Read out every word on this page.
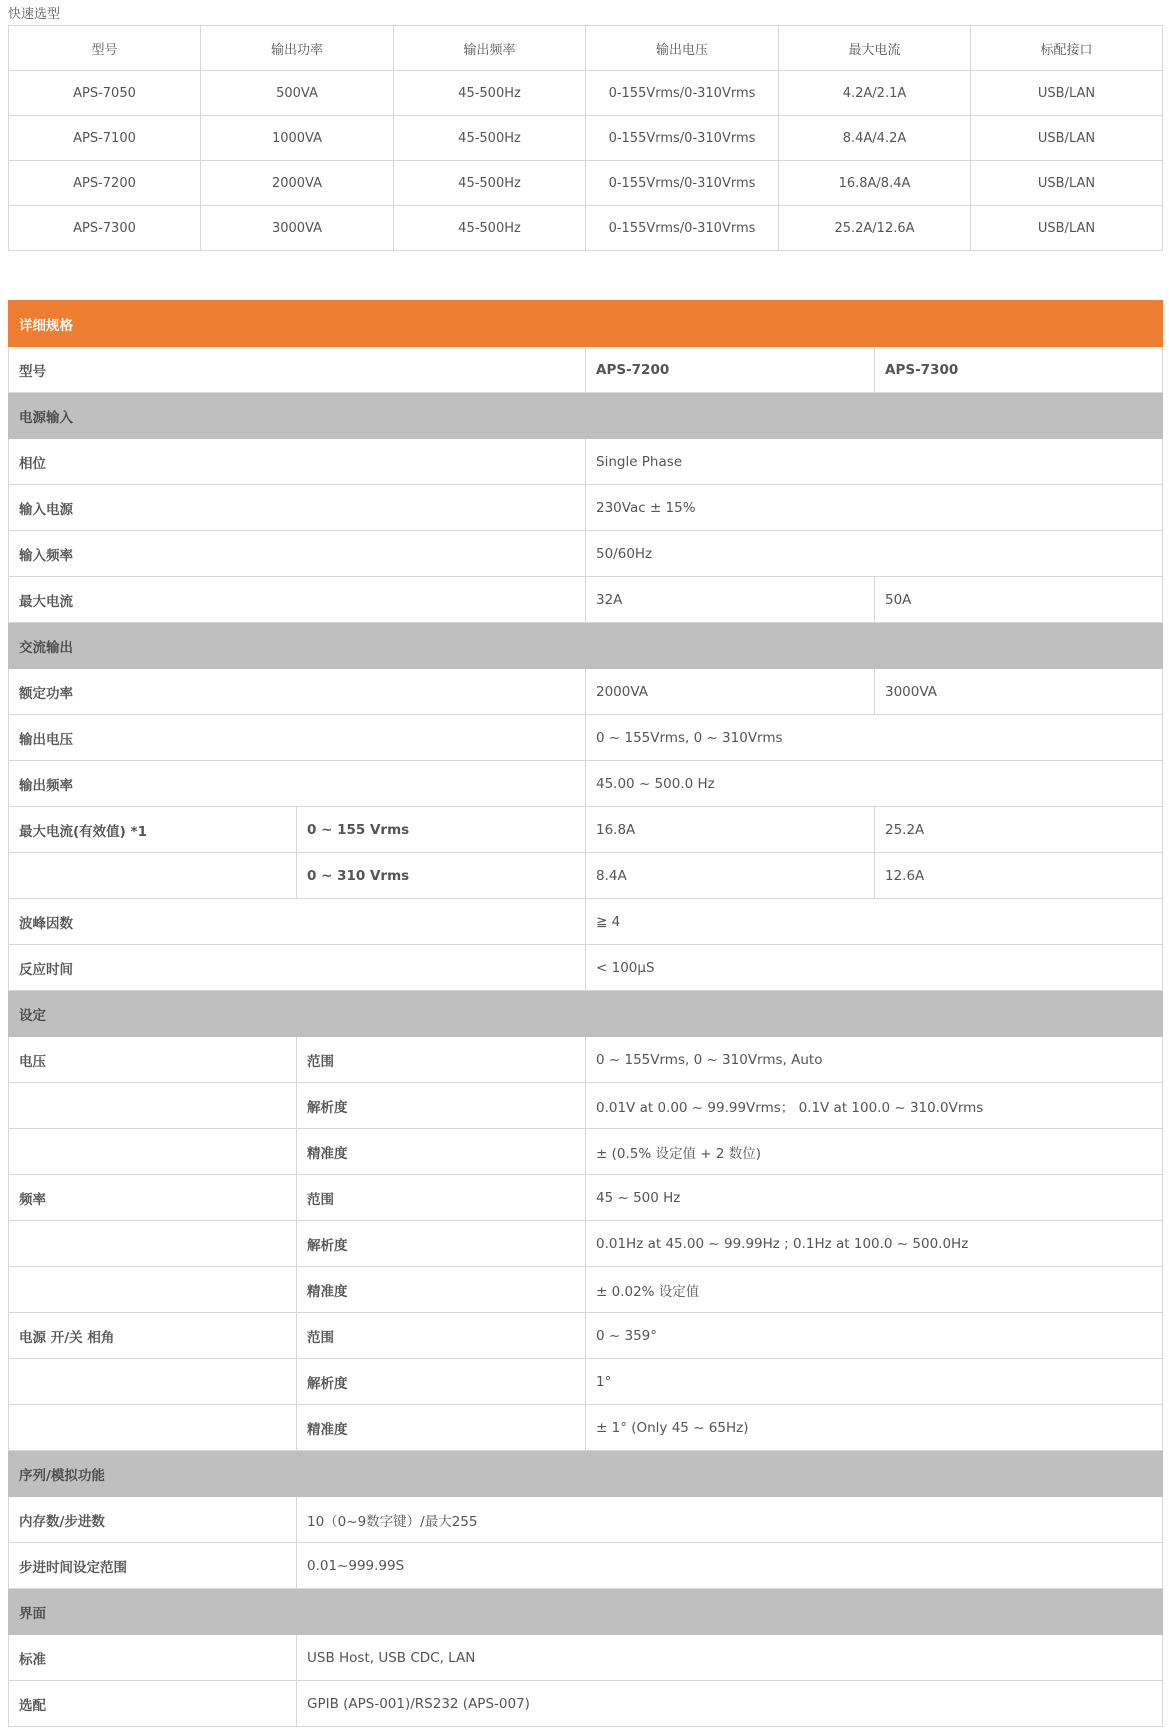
快速选型
型号	输出功率	输出频率	输出电压	最大电流	标配接口
APS-7050	500VA	45-500Hz	0-155Vrms/0-310Vrms	4.2A/2.1A	USB/LAN
APS-7100	1000VA	45-500Hz	0-155Vrms/0-310Vrms	8.4A/4.2A	USB/LAN
APS-7200	2000VA	45-500Hz	0-155Vrms/0-310Vrms	16.8A/8.4A	USB/LAN
APS-7300	3000VA	45-500Hz	0-155Vrms/0-310Vrms	25.2A/12.6A	USB/LAN
详细规格			
型号		APS-7200	APS-7300
电源输入			
相位		Single Phase	
输入电源		230Vac ± 15%	
输入频率		50/60Hz	
最大电流		32A	50A
交流输出			
额定功率		2000VA	3000VA
输出电压		0 ~ 155Vrms, 0 ~ 310Vrms	
输出频率		45.00 ~ 500.0 Hz	
最大电流(有效值) *1	0 ~ 155 Vrms	16.8A	25.2A
	0 ~ 310 Vrms	8.4A	12.6A
波峰因数		≧ 4	
反应时间		< 100μS	
设定			
电压	范围	0 ~ 155Vrms, 0 ~ 310Vrms, Auto	
	解析度	0.01V at 0.00 ~ 99.99Vrms； 0.1V at 100.0 ~ 310.0Vrms	
	精准度	± (0.5% 设定值 + 2 数位)	
频率	范围	45 ~ 500 Hz	
	解析度	0.01Hz at 45.00 ~ 99.99Hz ; 0.1Hz at 100.0 ~ 500.0Hz	
	精准度	± 0.02% 设定值	
电源 开/关 相角	范围	0 ~ 359°	
	解析度	1°	
	精准度	± 1° (Only 45 ~ 65Hz)	
序列/模拟功能			
内存数/步进数	10（0~9数字键）/最大255		
步进时间设定范围	0.01~999.99S		
界面			
标准	USB Host, USB CDC, LAN		
选配	GPIB (APS-001)/RS232 (APS-007)		
